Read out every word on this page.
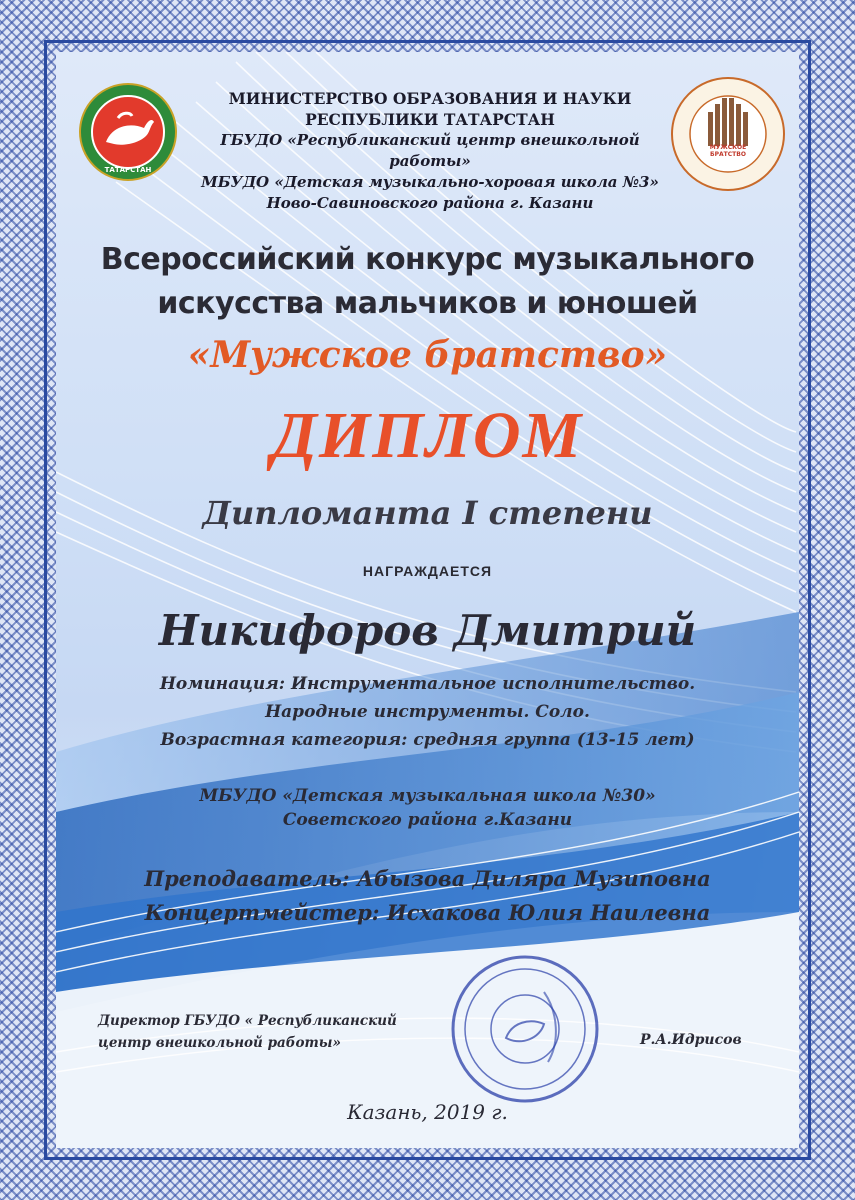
ТАТАРСТАН
МУЖСКОЕ БРАТСТВО
МИНИСТЕРСТВО ОБРАЗОВАНИЯ И НАУКИ
РЕСПУБЛИКИ ТАТАРСТАН
ГБУДО «Республиканский центр внешкольной работы»
МБУДО «Детская музыкально-хоровая школа №3»
Ново-Савиновского района г. Казани
Всероссийский конкурс музыкального
искусства мальчиков и юношей
«Мужское братство»
ДИПЛОМ
Дипломанта I степени
НАГРАЖДАЕТСЯ
Никифоров Дмитрий
Номинация: Инструментальное исполнительство.
Народные инструменты. Соло.
Возрастная категория: средняя группа (13-15 лет)
МБУДО «Детская музыкальная школа №30»
Советского района г.Казани
Преподаватель: Абызова Диляра Музиповна
Концертмейстер: Исхакова Юлия Наилевна
Директор ГБУДО « Республиканский
центр внешкольной работы»	Р.А.Идрисов
Казань, 2019 г.
